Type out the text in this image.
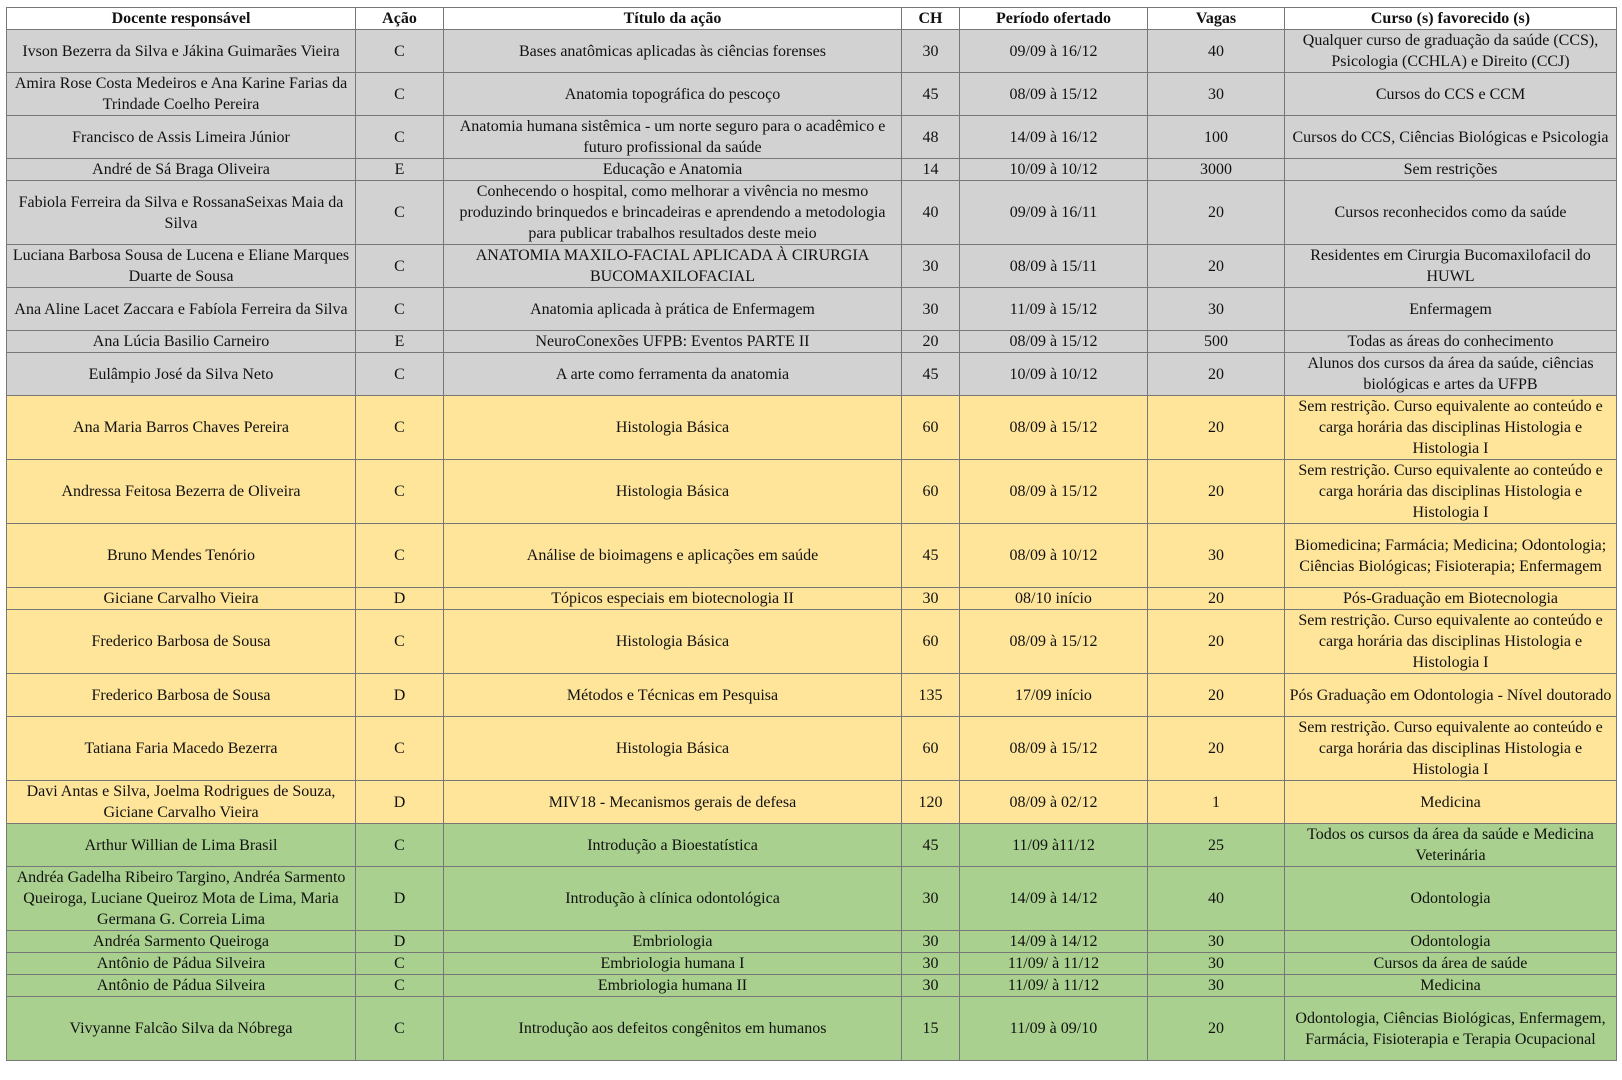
Docente responsável	Ação	Título da ação	CH	Período ofertado	Vagas	Curso (s) favorecido (s)
Ivson Bezerra da Silva e Jákina Guimarães Vieira	C	Bases anatômicas aplicadas às ciências forenses	30	09/09 à 16/12	40	Qualquer curso de graduação da saúde (CCS), Psicologia (CCHLA) e Direito (CCJ)
Amira Rose Costa Medeiros e Ana Karine Farias da Trindade Coelho Pereira	C	Anatomia topográfica do pescoço	45	08/09 à 15/12	30	Cursos do CCS e CCM
Francisco de Assis Limeira Júnior	C	Anatomia humana sistêmica - um norte seguro para o acadêmico e futuro profissional da saúde	48	14/09 à 16/12	100	Cursos do CCS, Ciências Biológicas e Psicologia
André de Sá Braga Oliveira	E	Educação e Anatomia	14	10/09 à 10/12	3000	Sem restrições
Fabiola Ferreira da Silva e RossanaSeixas Maia da Silva	C	Conhecendo o hospital, como melhorar a vivência no mesmo produzindo brinquedos e brincadeiras e aprendendo a metodologia para publicar trabalhos resultados deste meio	40	09/09 à 16/11	20	Cursos reconhecidos como da saúde
Luciana Barbosa Sousa de Lucena e Eliane Marques Duarte de Sousa	C	ANATOMIA MAXILO-FACIAL APLICADA À CIRURGIA BUCOMAXILOFACIAL	30	08/09 à 15/11	20	Residentes em Cirurgia Bucomaxilofacil do HUWL
Ana Aline Lacet Zaccara e Fabíola Ferreira da Silva	C	Anatomia aplicada à prática de Enfermagem	30	11/09 à 15/12	30	Enfermagem
Ana Lúcia Basilio Carneiro	E	NeuroConexões UFPB: Eventos PARTE II	20	08/09 à 15/12	500	Todas as áreas do conhecimento
Eulâmpio José da Silva Neto	C	A arte como ferramenta da anatomia	45	10/09 à 10/12	20	Alunos dos cursos da área da saúde, ciências biológicas e artes da UFPB
Ana Maria Barros Chaves Pereira	C	Histologia Básica	60	08/09 à 15/12	20	Sem restrição. Curso equivalente ao conteúdo e carga horária das disciplinas Histologia e Histologia I
Andressa Feitosa Bezerra de Oliveira	C	Histologia Básica	60	08/09 à 15/12	20	Sem restrição. Curso equivalente ao conteúdo e carga horária das disciplinas Histologia e Histologia I
Bruno Mendes Tenório	C	Análise de bioimagens e aplicações em saúde	45	08/09 à 10/12	30	Biomedicina; Farmácia; Medicina; Odontologia; Ciências Biológicas; Fisioterapia; Enfermagem
Giciane Carvalho Vieira	D	Tópicos especiais em biotecnologia II	30	08/10 início	20	Pós-Graduação em Biotecnologia
Frederico Barbosa de Sousa	C	Histologia Básica	60	08/09 à 15/12	20	Sem restrição. Curso equivalente ao conteúdo e carga horária das disciplinas Histologia e Histologia I
Frederico Barbosa de Sousa	D	Métodos e Técnicas em Pesquisa	135	17/09 início	20	Pós Graduação em Odontologia - Nível doutorado
Tatiana Faria Macedo Bezerra	C	Histologia Básica	60	08/09 à 15/12	20	Sem restrição. Curso equivalente ao conteúdo e carga horária das disciplinas Histologia e Histologia I
Davi Antas e Silva, Joelma Rodrigues de Souza, Giciane Carvalho Vieira	D	MIV18 - Mecanismos gerais de defesa	120	08/09 à 02/12	1	Medicina
Arthur Willian de Lima Brasil	C	Introdução a Bioestatística	45	11/09 à11/12	25	Todos os cursos da área da saúde e Medicina Veterinária
Andréa Gadelha Ribeiro Targino, Andréa Sarmento Queiroga, Luciane Queiroz Mota de Lima, Maria Germana G. Correia Lima	D	Introdução à clínica odontológica	30	14/09 à 14/12	40	Odontologia
Andréa Sarmento Queiroga	D	Embriologia	30	14/09 à 14/12	30	Odontologia
Antônio de Pádua Silveira	C	Embriologia humana I	30	11/09/ à 11/12	30	Cursos da área de saúde
Antônio de Pádua Silveira	C	Embriologia humana II	30	11/09/ à 11/12	30	Medicina
Vivyanne Falcão Silva da Nóbrega	C	Introdução aos defeitos congênitos em humanos	15	11/09 à 09/10	20	Odontologia, Ciências Biológicas, Enfermagem, Farmácia, Fisioterapia e Terapia Ocupacional
